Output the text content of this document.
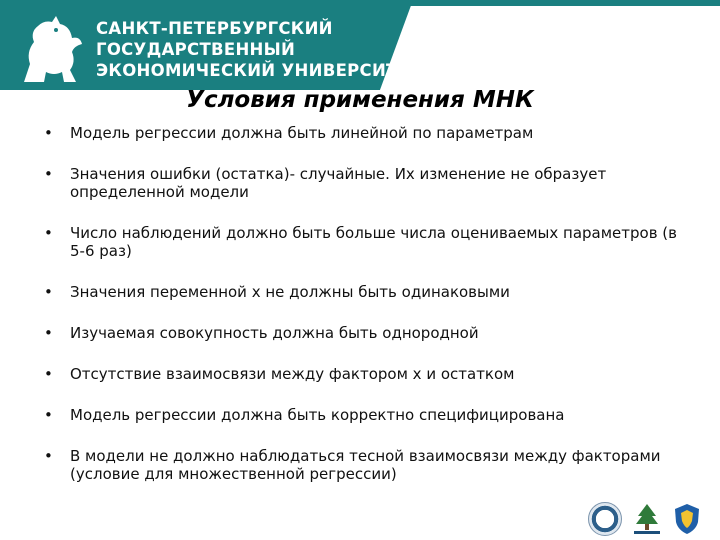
САНКТ-ПЕТЕРБУРГСКИЙ
ГОСУДАРСТВЕННЫЙ
ЭКОНОМИЧЕСКИЙ УНИВЕРСИТЕТ
Условия применения МНК
• Модель регрессии должна быть линейной по параметрам
• Значения ошибки (остатка)- случайные. Их изменение не образует определенной модели
• Число наблюдений должно быть больше числа оцениваемых параметров (в 5-6 раз)
• Значения переменной x не должны быть одинаковыми
• Изучаемая совокупность должна быть однородной
• Отсутствие взаимосвязи между фактором x и остатком
• Модель регрессии должна быть корректно специфицирована
• В модели не должно наблюдаться тесной взаимосвязи между факторами (условие для множественной регрессии)
